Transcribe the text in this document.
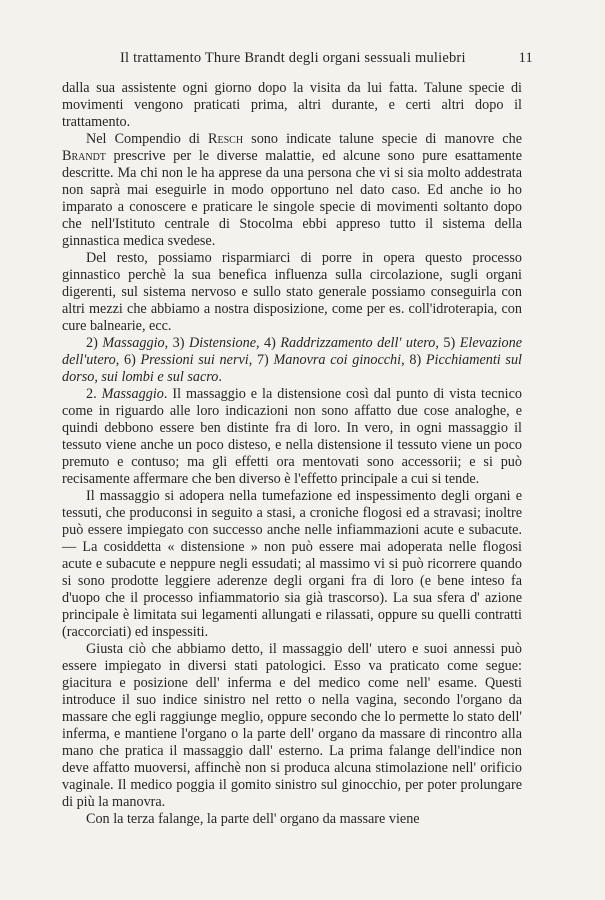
Il trattamento Thure Brandt degli organi sessuali muliebri	11

dalla sua assistente ogni giorno dopo la visita da lui fatta. Talune specie di movimenti vengono praticati prima, altri durante, e certi altri dopo il trattamento.

Nel Compendio di Resch sono indicate talune specie di manovre che Brandt prescrive per le diverse malattie, ed alcune sono pure esattamente descritte. Ma chi non le ha apprese da una persona che vi si sia molto addestrata non saprà mai eseguirle in modo opportuno nel dato caso. Ed anche io ho imparato a conoscere e praticare le singole specie di movimenti soltanto dopo che nell'Istituto centrale di Stocolma ebbi appreso tutto il sistema della ginnastica medica svedese.

Del resto, possiamo risparmiarci di porre in opera questo processo ginnastico perchè la sua benefica influenza sulla circolazione, sugli organi digerenti, sul sistema nervoso e sullo stato generale possiamo conseguirla con altri mezzi che abbiamo a nostra disposizione, come per es. coll'idroterapia, con cure balnearie, ecc.

2) Massaggio, 3) Distensione, 4) Raddrizzamento dell' utero, 5) Elevazione dell'utero, 6) Pressioni sui nervi, 7) Manovra coi ginocchi, 8) Picchiamenti sul dorso, sui lombi e sul sacro.

2. Massaggio. Il massaggio e la distensione così dal punto di vista tecnico come in riguardo alle loro indicazioni non sono affatto due cose analoghe, e quindi debbono essere ben distinte fra di loro. In vero, in ogni massaggio il tessuto viene anche un poco disteso, e nella distensione il tessuto viene un poco premuto e contuso; ma gli effetti ora mentovati sono accessorii; e si può recisamente affermare che ben diverso è l'effetto principale a cui si tende.

Il massaggio si adopera nella tumefazione ed inspessimento degli organi e tessuti, che produconsi in seguito a stasi, a croniche flogosi ed a stravasi; inoltre può essere impiegato con successo anche nelle infiammazioni acute e subacute. — La cosiddetta « distensione » non può essere mai adoperata nelle flogosi acute e subacute e neppure negli essudati; al massimo vi si può ricorrere quando si sono prodotte leggiere aderenze degli organi fra di loro (e bene inteso fa d'uopo che il processo infiammatorio sia già trascorso). La sua sfera d' azione principale è limitata sui legamenti allungati e rilassati, oppure su quelli contratti (raccorciati) ed inspessiti.

Giusta ciò che abbiamo detto, il massaggio dell' utero e suoi annessi può essere impiegato in diversi stati patologici. Esso va praticato come segue: giacitura e posizione dell' inferma e del medico come nell' esame. Questi introduce il suo indice sinistro nel retto o nella vagina, secondo l'organo da massare che egli raggiunge meglio, oppure secondo che lo permette lo stato dell' inferma, e mantiene l'organo o la parte dell' organo da massare di rincontro alla mano che pratica il massaggio dall' esterno. La prima falange dell'indice non deve affatto muoversi, affinchè non si produca alcuna stimolazione nell' orificio vaginale. Il medico poggia il gomito sinistro sul ginocchio, per poter prolungare di più la manovra.

Con la terza falange, la parte dell' organo da massare viene
